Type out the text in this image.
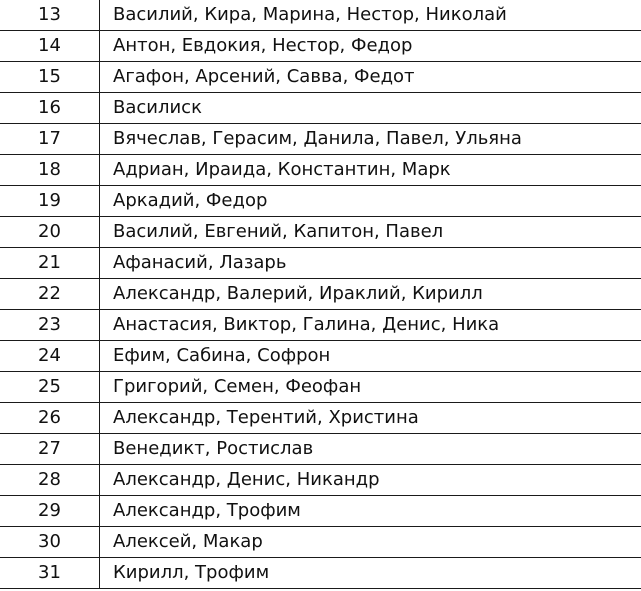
13	Василий, Кира, Марина, Нестор, Николай
14	Антон, Евдокия, Нестор, Федор
15	Агафон, Арсений, Савва, Федот
16	Василиск
17	Вячеслав, Герасим, Данила, Павел, Ульяна
18	Адриан, Ираида, Константин, Марк
19	Аркадий, Федор
20	Василий, Евгений, Капитон, Павел
21	Афанасий, Лазарь
22	Александр, Валерий, Ираклий, Кирилл
23	Анастасия, Виктор, Галина, Денис, Ника
24	Ефим, Сабина, Софрон
25	Григорий, Семен, Феофан
26	Александр, Терентий, Христина
27	Венедикт, Ростислав
28	Александр, Денис, Никандр
29	Александр, Трофим
30	Алексей, Макар
31	Кирилл, Трофим
